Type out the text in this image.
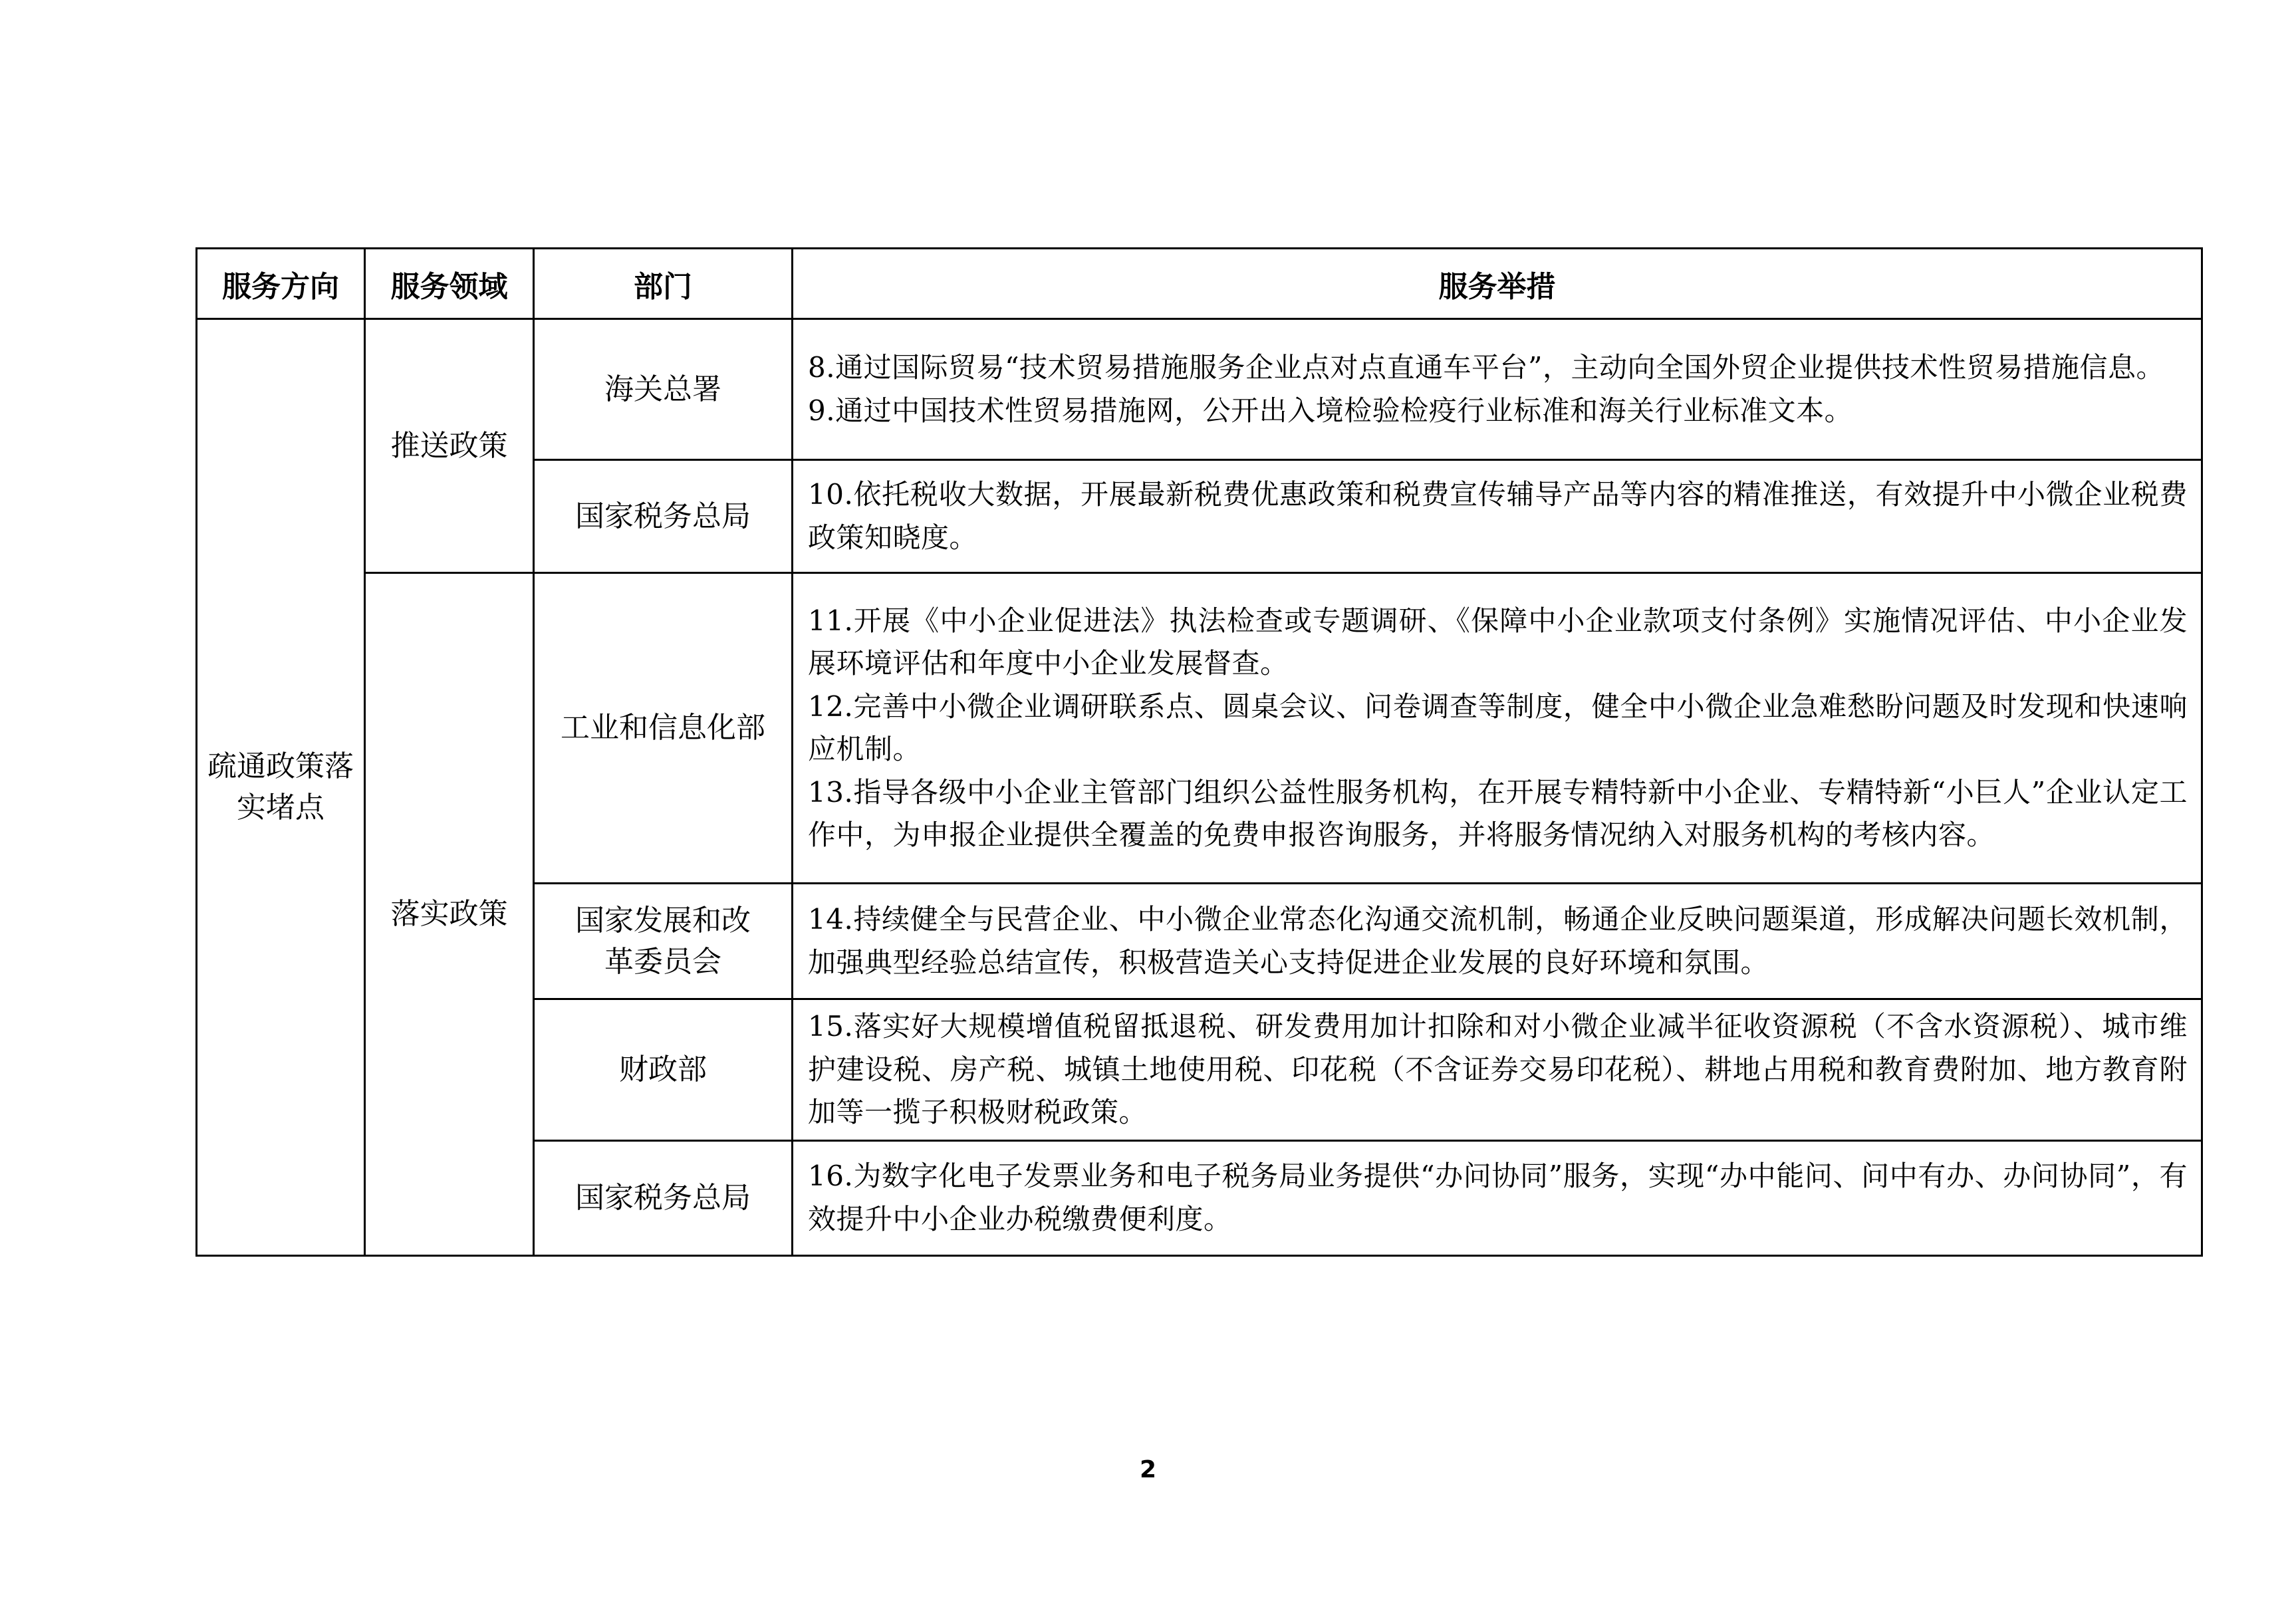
服务方向	服务领域	部门	服务举措

疏通政策落实堵点	推送政策	海关总署	8.通过国际贸易“技术贸易措施服务企业点对点直通车平台”，主动向全国外贸企业提供技术性贸易措施信息。

9.通过中国技术性贸易措施网，公开出入境检验检疫行业标准和海关行业标准文本。

		国家税务总局	10.依托税收大数据，开展最新税费优惠政策和税费宣传辅导产品等内容的精准推送，有效提升中小微企业税费政策知晓度。

	落实政策	工业和信息化部	11.开展《中小企业促进法》执法检查或专题调研、《保障中小企业款项支付条例》实施情况评估、中小企业发展环境评估和年度中小企业发展督查。

12.完善中小微企业调研联系点、圆桌会议、问卷调查等制度，健全中小微企业急难愁盼问题及时发现和快速响应机制。

13.指导各级中小企业主管部门组织公益性服务机构，在开展专精特新中小企业、专精特新“小巨人”企业认定工作中，为申报企业提供全覆盖的免费申报咨询服务，并将服务情况纳入对服务机构的考核内容。

		国家发展和改革委员会	14.持续健全与民营企业、中小微企业常态化沟通交流机制，畅通企业反映问题渠道，形成解决问题长效机制，加强典型经验总结宣传，积极营造关心支持促进企业发展的良好环境和氛围。

		财政部	15.落实好大规模增值税留抵退税、研发费用加计扣除和对小微企业减半征收资源税（不含水资源税）、城市维护建设税、房产税、城镇土地使用税、印花税（不含证券交易印花税）、耕地占用税和教育费附加、地方教育附加等一揽子积极财税政策。

		国家税务总局	16.为数字化电子发票业务和电子税务局业务提供“办问协同”服务，实现“办中能问、问中有办、办问协同”，有效提升中小企业办税缴费便利度。

2
